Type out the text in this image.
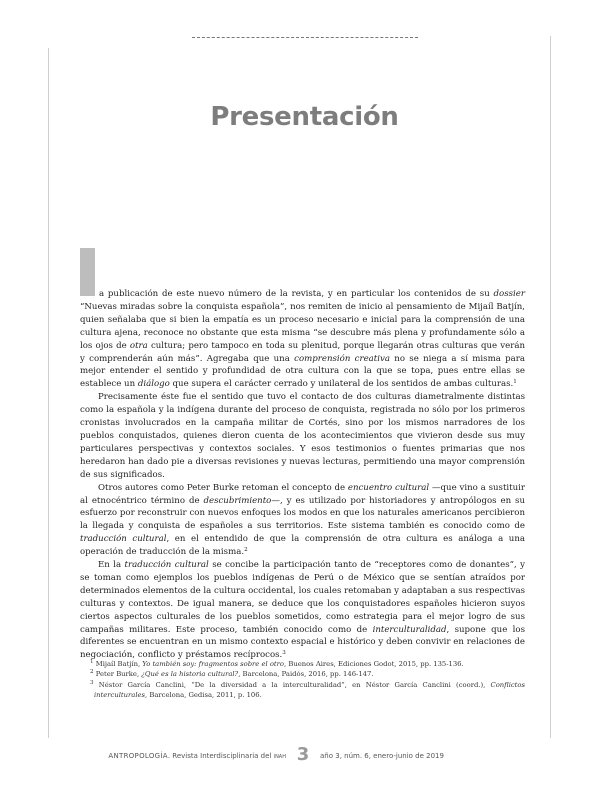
Presentación

a publicación de este nuevo número de la revista, y en particular los contenidos de su dossier “Nuevas miradas sobre la conquista española”, nos remiten de inicio al pensamiento de Mijaíl Batjín, quien señalaba que si bien la empatía es un proceso necesario e inicial para la comprensión de una cultura ajena, reconoce no obstante que esta misma “se descubre más plena y profundamente sólo a los ojos de otra cultura; pero tampoco en toda su plenitud, porque llegarán otras culturas que verán y comprenderán aún más”. Agregaba que una comprensión creativa no se niega a sí misma para mejor entender el sentido y profundidad de otra cultura con la que se topa, pues entre ellas se establece un diálogo que supera el carácter cerrado y unilateral de los sentidos de ambas culturas.$^1$

Precisamente éste fue el sentido que tuvo el contacto de dos culturas diametralmente distintas como la española y la indígena durante del proceso de conquista, registrada no sólo por los primeros cronistas involucrados en la campaña militar de Cortés, sino por los mismos narradores de los pueblos conquistados, quienes dieron cuenta de los acontecimientos que vivieron desde sus muy particulares perspectivas y contextos sociales. Y esos testimonios o fuentes primarias que nos heredaron han dado pie a diversas revisiones y nuevas lecturas, permitiendo una mayor comprensión de sus significados.

Otros autores como Peter Burke retoman el concepto de encuentro cultural —que vino a sustituir al etnocéntrico término de descubrimiento—, y es utilizado por historiadores y antropólogos en su esfuerzo por reconstruir con nuevos enfoques los modos en que los naturales americanos percibieron la llegada y conquista de españoles a sus territorios. Este sistema también es conocido como de traducción cultural, en el entendido de que la comprensión de otra cultura es análoga a una operación de traducción de la misma.$^2$

En la traducción cultural se concibe la participación tanto de “receptores como de donantes”, y se toman como ejemplos los pueblos indígenas de Perú o de México que se sentían atraídos por determinados elementos de la cultura occidental, los cuales retomaban y adaptaban a sus respectivas culturas y contextos. De igual manera, se deduce que los conquistadores españoles hicieron suyos ciertos aspectos culturales de los pueblos sometidos, como estrategia para el mejor logro de sus campañas militares. Este proceso, también conocido como de interculturalidad, supone que los diferentes se encuentran en un mismo contexto espacial e histórico y deben convivir en relaciones de negociación, conflicto y préstamos recíprocos.$^3$

$^1$ Mijaíl Batjín, Yo también soy: fragmentos sobre el otro, Buenos Aires, Ediciones Godot, 2015, pp. 135-136.

$^2$ Peter Burke, ¿Qué es la historia cultural?, Barcelona, Paidós, 2016, pp. 146-147.

$^3$ Néstor García Canclini, “De la diversidad a la interculturalidad”, en Néstor García Canclini (coord.), Conflictos interculturales, Barcelona, Gedisa, 2011, p. 106.

ANTROPOLOGÍA. Revista Interdisciplinaria del INAH 3	año 3, núm. 6, enero-junio de 2019
